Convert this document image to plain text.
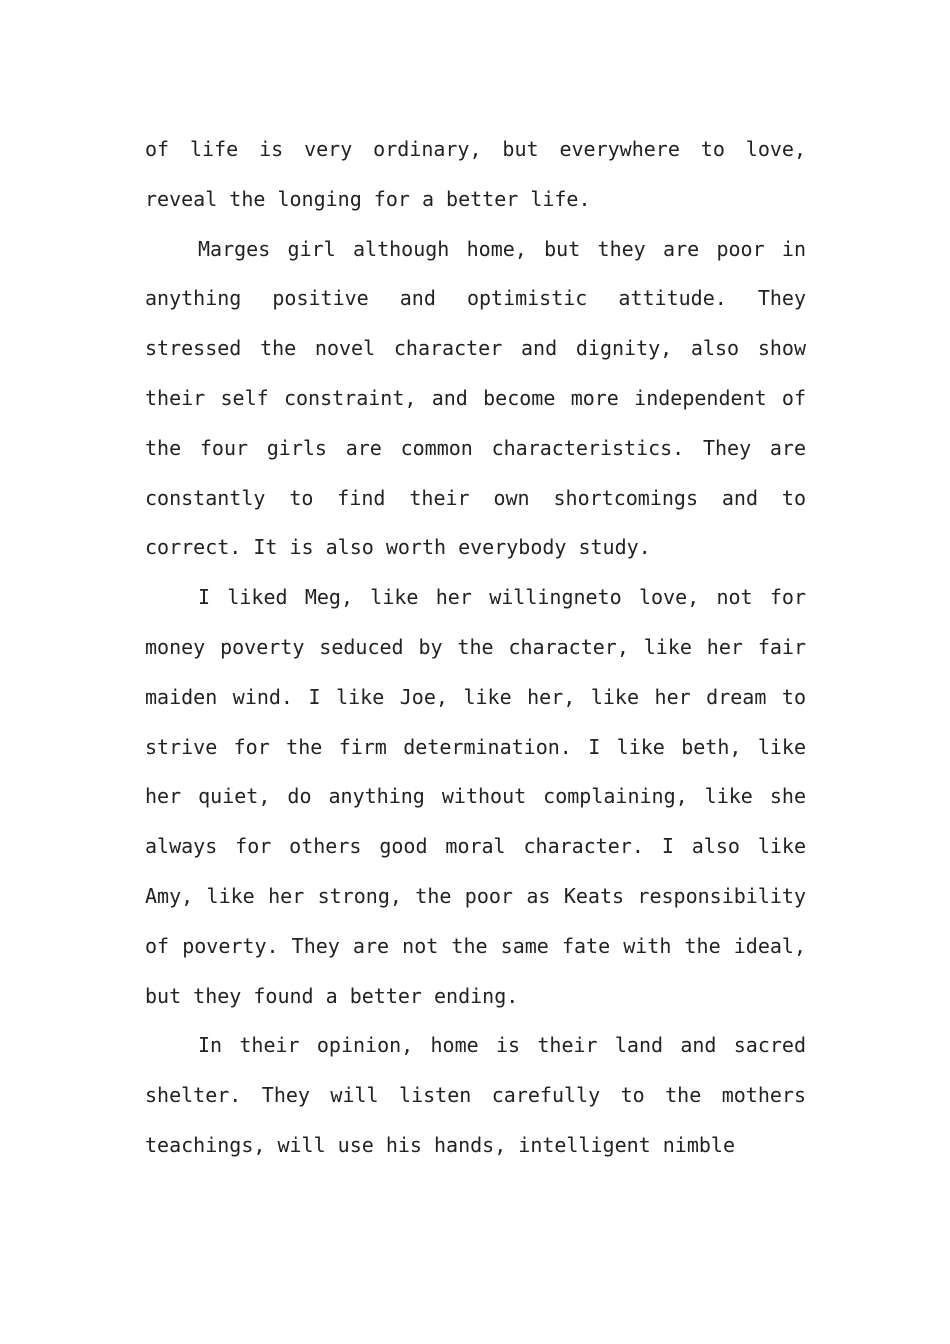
of life is very ordinary, but everywhere to love, reveal the longing for a better life.

Marges girl although home, but they are poor in anything positive and optimistic attitude. They stressed the novel character and dignity, also show their self constraint, and become more independent of the four girls are common characteristics. They are constantly to find their own shortcomings and to correct. It is also worth everybody study.

I liked Meg, like her willingneto love, not for money poverty seduced by the character, like her fair maiden wind. I like Joe, like her, like her dream to strive for the firm determination. I like beth, like her quiet, do anything without complaining, like she always for others good moral character. I also like Amy, like her strong, the poor as Keats responsibility of poverty. They are not the same fate with the ideal, but they found a better ending.

In their opinion, home is their land and sacred shelter. They will listen carefully to the mothers teachings, will use his hands, intelligent nimble
